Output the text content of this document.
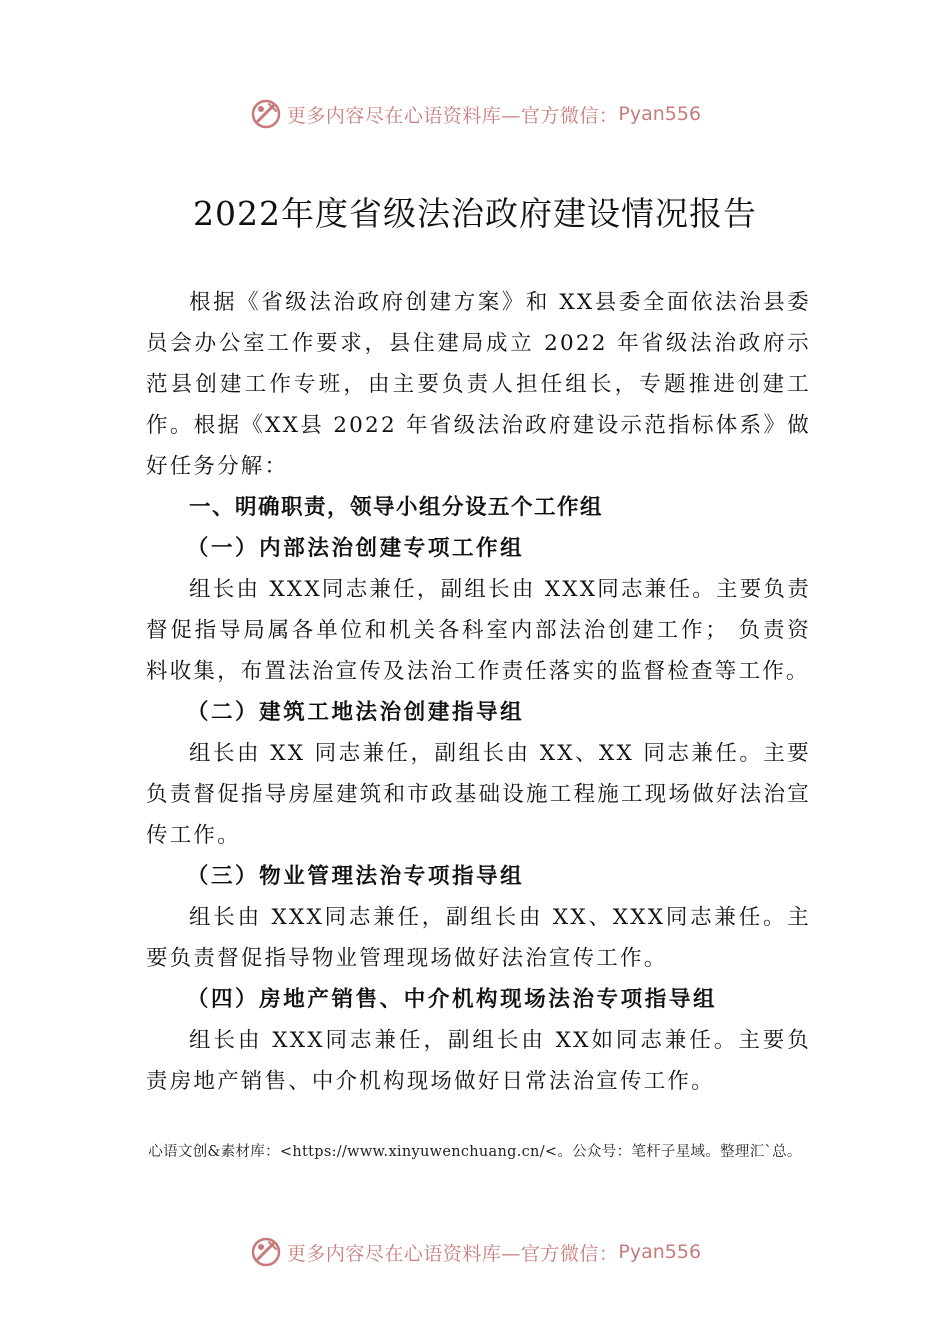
更多内容尽在心语资料库—官方微信： Pyan556
2022年度省级法治政府建设情况报告

根据《省级法治政府创建方案》和 XX县委全面依法治县委员会办公室工作要求，县住建局成立 2022 年省级法治政府示范县创建工作专班，由主要负责人担任组长，专题推进创建工作。根据《XX县 2022 年省级法治政府建设示范指标体系》做好任务分解：

一、明确职责，领导小组分设五个工作组

（一）内部法治创建专项工作组

组长由 XXX同志兼任，副组长由 XXX同志兼任。主要负责督促指导局属各单位和机关各科室内部法治创建工作； 负责资料收集，布置法治宣传及法治工作责任落实的监督检查等工作。

（二）建筑工地法治创建指导组

组长由 XX 同志兼任，副组长由 XX、XX 同志兼任。主要负责督促指导房屋建筑和市政基础设施工程施工现场做好法治宣传工作。

（三）物业管理法治专项指导组

组长由 XXX同志兼任，副组长由 XX、XXX同志兼任。主要负责督促指导物业管理现场做好法治宣传工作。

（四）房地产销售、中介机构现场法治专项指导组

组长由 XXX同志兼任，副组长由 XX如同志兼任。主要负责房地产销售、中介机构现场做好日常法治宣传工作。

心语文创&素材库：<https://www.xinyuwenchuang.cn/<。公众号：笔杆子星域。整理汇`总。
更多内容尽在心语资料库—官方微信： Pyan556
